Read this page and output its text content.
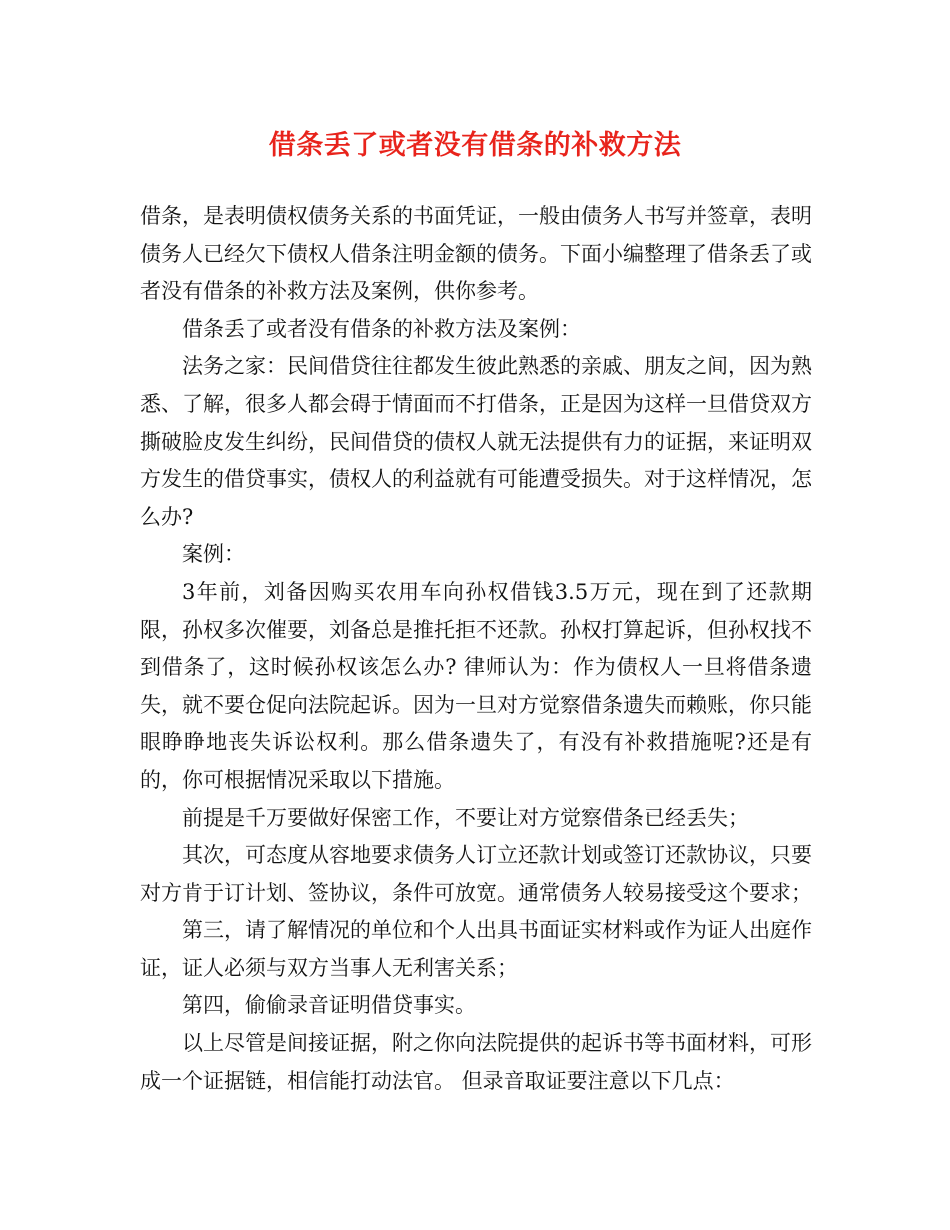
借条丢了或者没有借条的补救方法

借条，是表明债权债务关系的书面凭证，一般由债务人书写并签章，表明债务人已经欠下债权人借条注明金额的债务。下面小编整理了借条丢了或者没有借条的补救方法及案例，供你参考。

借条丢了或者没有借条的补救方法及案例：

法务之家：民间借贷往往都发生彼此熟悉的亲戚、朋友之间，因为熟悉、了解，很多人都会碍于情面而不打借条，正是因为这样一旦借贷双方撕破脸皮发生纠纷，民间借贷的债权人就无法提供有力的证据，来证明双方发生的借贷事实，债权人的利益就有可能遭受损失。对于这样情况，怎么办?

案例：

3年前，刘备因购买农用车向孙权借钱3.5万元，现在到了还款期限，孙权多次催要，刘备总是推托拒不还款。孙权打算起诉，但孙权找不到借条了，这时候孙权该怎么办? 律师认为：作为债权人一旦将借条遗失，就不要仓促向法院起诉。因为一旦对方觉察借条遗失而赖账，你只能眼睁睁地丧失诉讼权利。那么借条遗失了，有没有补救措施呢?还是有的，你可根据情况采取以下措施。

前提是千万要做好保密工作，不要让对方觉察借条已经丢失；

其次，可态度从容地要求债务人订立还款计划或签订还款协议，只要对方肯于订计划、签协议，条件可放宽。通常债务人较易接受这个要求；

第三，请了解情况的单位和个人出具书面证实材料或作为证人出庭作证，证人必须与双方当事人无利害关系；

第四，偷偷录音证明借贷事实。

以上尽管是间接证据，附之你向法院提供的起诉书等书面材料，可形成一个证据链，相信能打动法官。 但录音取证要注意以下几点：
